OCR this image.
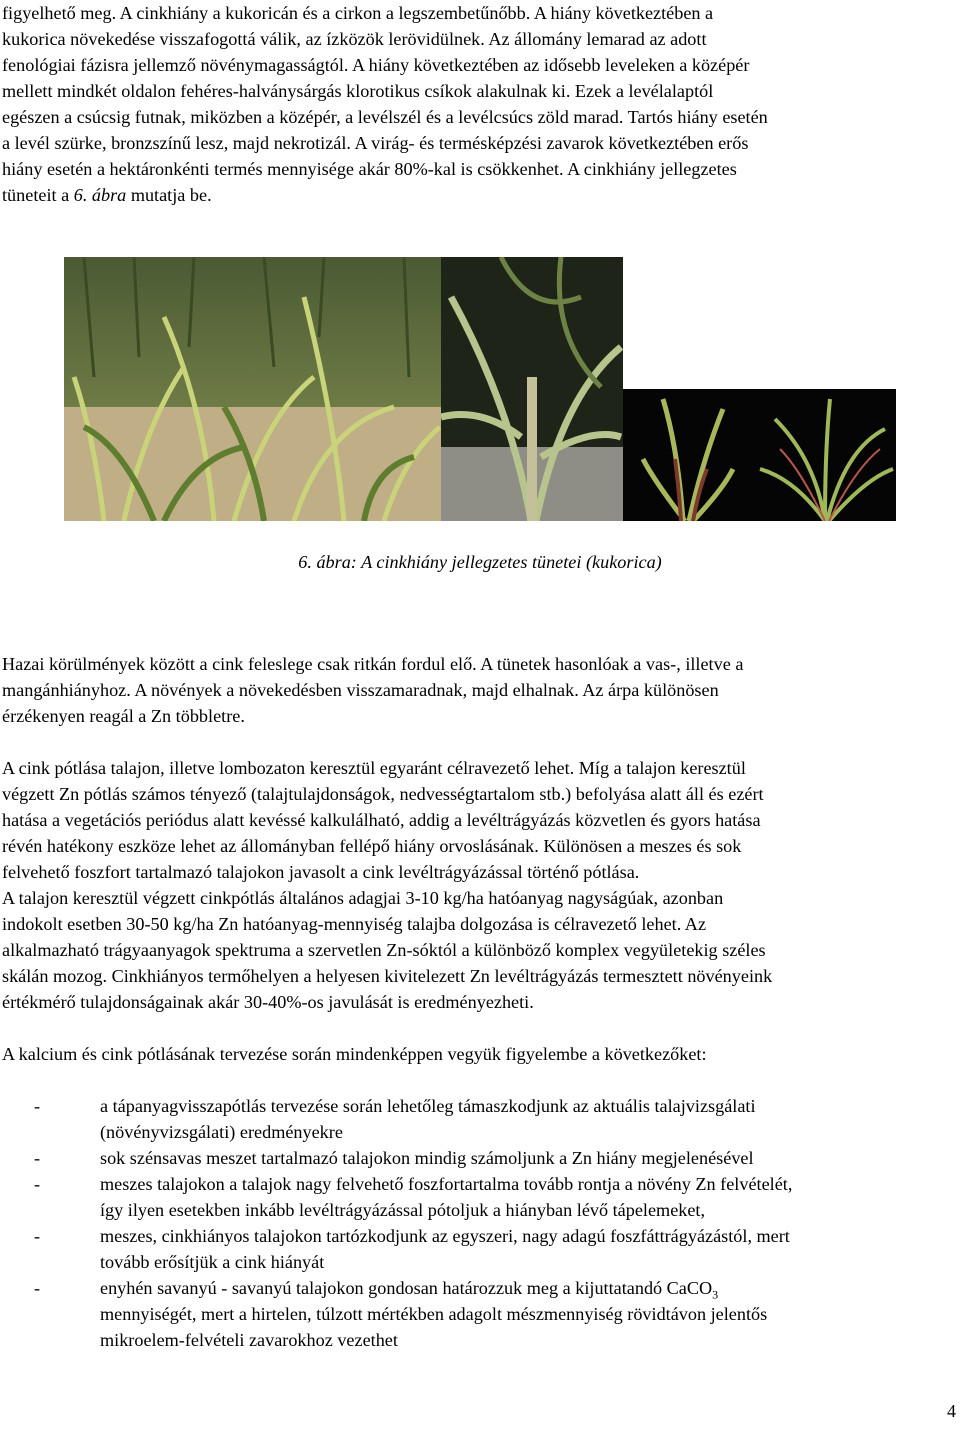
figyelhető meg. A cinkhiány a kukoricán és a cirkon a legszembetűnőbb. A hiány következtében a
kukorica növekedése visszafogottá válik, az ízközök lerövidülnek. Az állomány lemarad az adott
fenológiai fázisra jellemző növénymagasságtól. A hiány következtében az idősebb leveleken a középér
mellett mindkét oldalon fehéres-halványsárgás klorotikus csíkok alakulnak ki. Ezek a levélalaptól
egészen a csúcsig futnak, miközben a középér, a levélszél és a levélcsúcs zöld marad. Tartós hiány esetén
a levél szürke, bronzszínű lesz, majd nekrotizál. A virág- és termésképzési zavarok következtében erős
hiány esetén a hektáronkénti termés mennyisége akár 80%-kal is csökkenhet. A cinkhiány jellegzetes
tüneteit a 6. ábra mutatja be.
6. ábra: A cinkhiány jellegzetes tünetei (kukorica)
Hazai körülmények között a cink feleslege csak ritkán fordul elő. A tünetek hasonlóak a vas-, illetve a
mangánhiányhoz. A növények a növekedésben visszamaradnak, majd elhalnak. Az árpa különösen
érzékenyen reagál a Zn többletre.
A cink pótlása talajon, illetve lombozaton keresztül egyaránt célravezető lehet. Míg a talajon keresztül
végzett Zn pótlás számos tényező (talajtulajdonságok, nedvességtartalom stb.) befolyása alatt áll és ezért
hatása a vegetációs periódus alatt kevéssé kalkulálható, addig a levéltrágyázás közvetlen és gyors hatása
révén hatékony eszköze lehet az állományban fellépő hiány orvoslásának. Különösen a meszes és sok
felvehető foszfort tartalmazó talajokon javasolt a cink levéltrágyázással történő pótlása.
A talajon keresztül végzett cinkpótlás általános adagjai 3-10 kg/ha hatóanyag nagyságúak, azonban
indokolt esetben 30-50 kg/ha Zn hatóanyag-mennyiség talajba dolgozása is célravezető lehet. Az
alkalmazható trágyaanyagok spektruma a szervetlen Zn-sóktól a különböző komplex vegyületekig széles
skálán mozog. Cinkhiányos termőhelyen a helyesen kivitelezett Zn levéltrágyázás termesztett növényeink
értékmérő tulajdonságainak akár 30-40%-os javulását is eredményezheti.
A kalcium és cink pótlásának tervezése során mindenképpen vegyük figyelembe a következőket:
-	a tápanyagvisszapótlás tervezése során lehetőleg támaszkodjunk az aktuális talajvizsgálati
(növényvizsgálati) eredményekre
-	sok szénsavas meszet tartalmazó talajokon mindig számoljunk a Zn hiány megjelenésével
-	meszes talajokon a talajok nagy felvehető foszfortartalma tovább rontja a növény Zn felvételét,
így ilyen esetekben inkább levéltrágyázással pótoljuk a hiányban lévő tápelemeket,
-	meszes, cinkhiányos talajokon tartózkodjunk az egyszeri, nagy adagú foszfáttrágyázástól, mert
tovább erősítjük a cink hiányát
-	enyhén savanyú - savanyú talajokon gondosan határozzuk meg a kijuttatandó CaCO$_3$
mennyiségét, mert a hirtelen, túlzott mértékben adagolt mészmennyiség rövidtávon jelentős
mikroelem-felvételi zavarokhoz vezethet
4
